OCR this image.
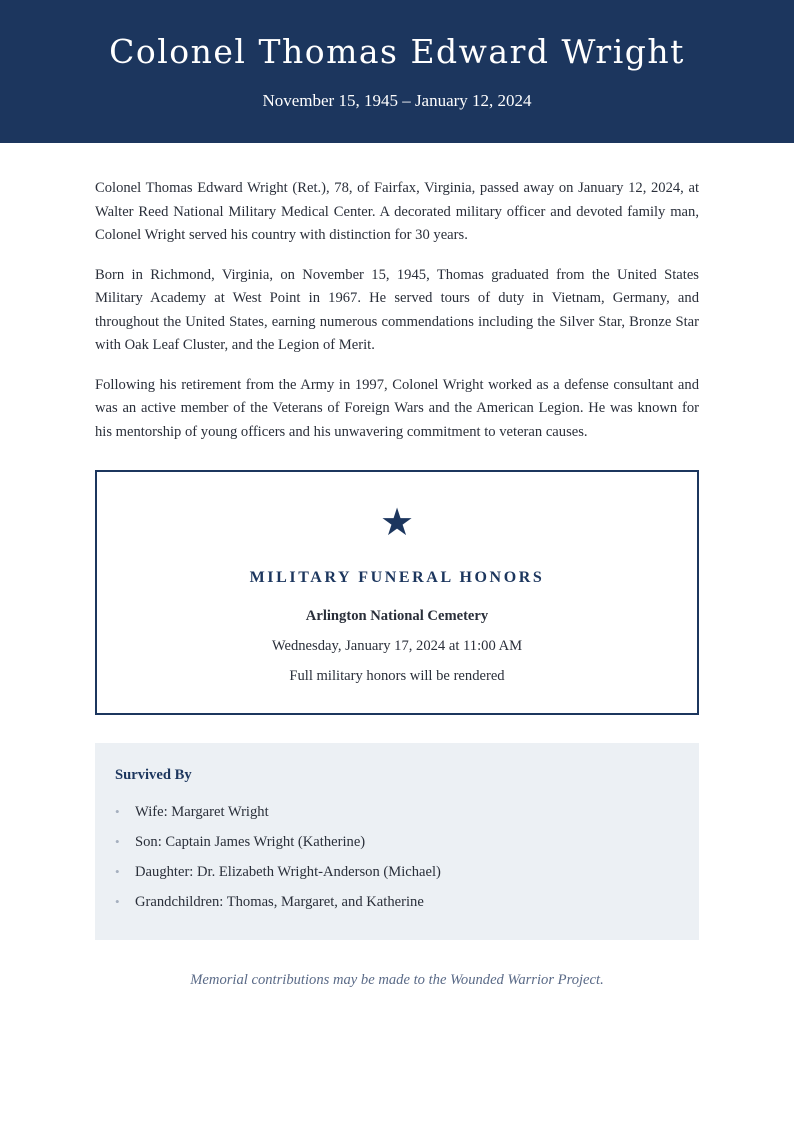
Colonel Thomas Edward Wright
November 15, 1945 – January 12, 2024

Colonel Thomas Edward Wright (Ret.), 78, of Fairfax, Virginia, passed away on January 12, 2024, at Walter Reed National Military Medical Center. A decorated military officer and devoted family man, Colonel Wright served his country with distinction for 30 years.

Born in Richmond, Virginia, on November 15, 1945, Thomas graduated from the United States Military Academy at West Point in 1967. He served tours of duty in Vietnam, Germany, and throughout the United States, earning numerous commendations including the Silver Star, Bronze Star with Oak Leaf Cluster, and the Legion of Merit.

Following his retirement from the Army in 1997, Colonel Wright worked as a defense consultant and was an active member of the Veterans of Foreign Wars and the American Legion. He was known for his mentorship of young officers and his unwavering commitment to veteran causes.

★
MILITARY FUNERAL HONORS
Arlington National Cemetery
Wednesday, January 17, 2024 at 11:00 AM
Full military honors will be rendered
Survived By
• Wife: Margaret Wright
• Son: Captain James Wright (Katherine)
• Daughter: Dr. Elizabeth Wright-Anderson (Michael)
• Grandchildren: Thomas, Margaret, and Katherine

Memorial contributions may be made to the Wounded Warrior Project.
